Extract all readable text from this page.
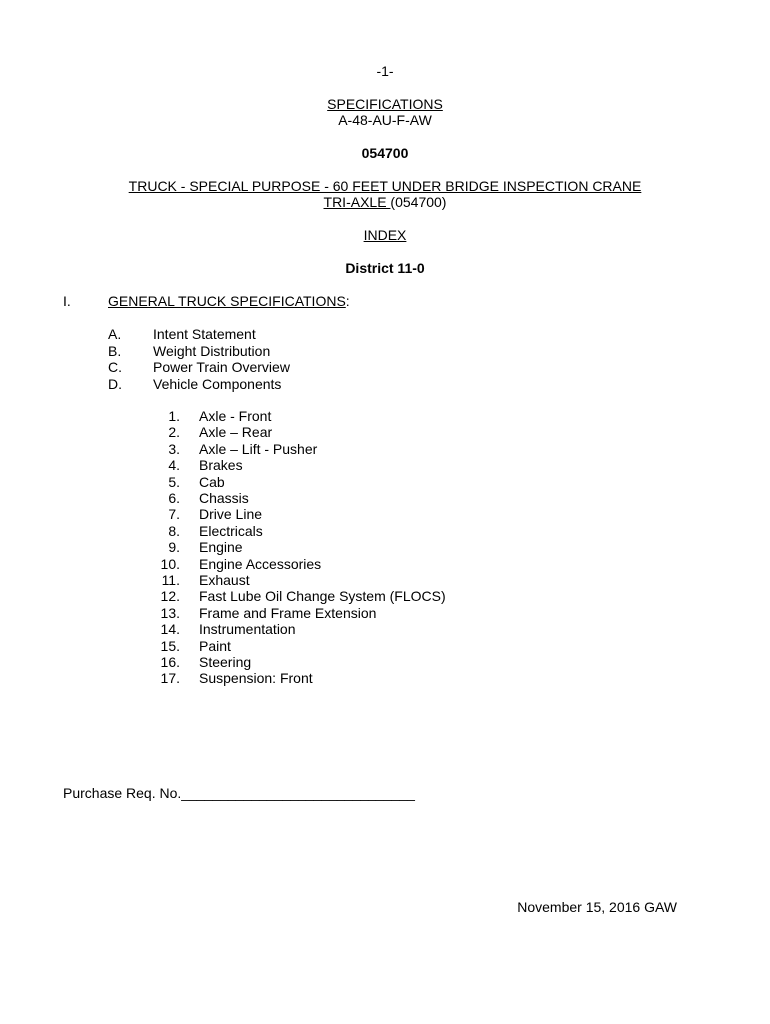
-1-
SPECIFICATIONS
A-48-AU-F-AW
054700
TRUCK - SPECIAL PURPOSE - 60 FEET UNDER BRIDGE INSPECTION CRANE
TRI-AXLE (054700)
INDEX
District 11-0
I.	GENERAL TRUCK SPECIFICATIONS:
A. Intent Statement
B. Weight Distribution
C. Power Train Overview
D. Vehicle Components
1. Axle - Front
2. Axle – Rear
3. Axle – Lift - Pusher
4. Brakes
5. Cab
6. Chassis
7. Drive Line
8. Electricals
9. Engine
10. Engine Accessories
11. Exhaust
12. Fast Lube Oil Change System (FLOCS)
13. Frame and Frame Extension
14. Instrumentation
15. Paint
16. Steering
17. Suspension: Front
Purchase Req. No.______________________________
November 15, 2016 GAW
